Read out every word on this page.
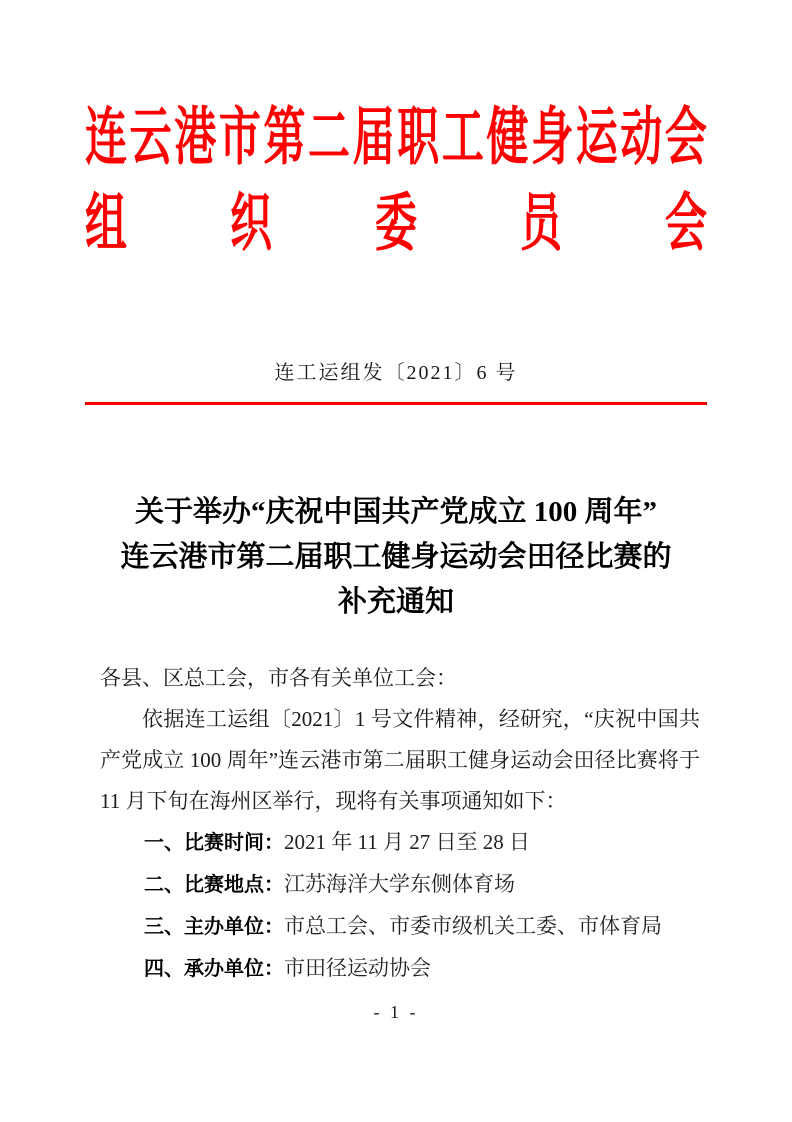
连 云 港 市 第 二 届 职 工 健 身 运 动 会
组 织 委 员 会
连工运组发〔2021〕6 号
关于举办“庆祝中国共产党成立 100 周年”
连云港市第二届职工健身运动会田径比赛的
补充通知

各县、区总工会，市各有关单位工会：

依据连工运组〔2021〕1 号文件精神，经研究，“庆祝中国共产党成立 100 周年”连云港市第二届职工健身运动会田径比赛将于 11 月下旬在海州区举行，现将有关事项通知如下：

一、比赛时间：2021 年 11 月 27 日至 28 日

二、比赛地点：江苏海洋大学东侧体育场

三、主办单位：市总工会、市委市级机关工委、市体育局

四、承办单位：市田径运动协会

- 1 -
